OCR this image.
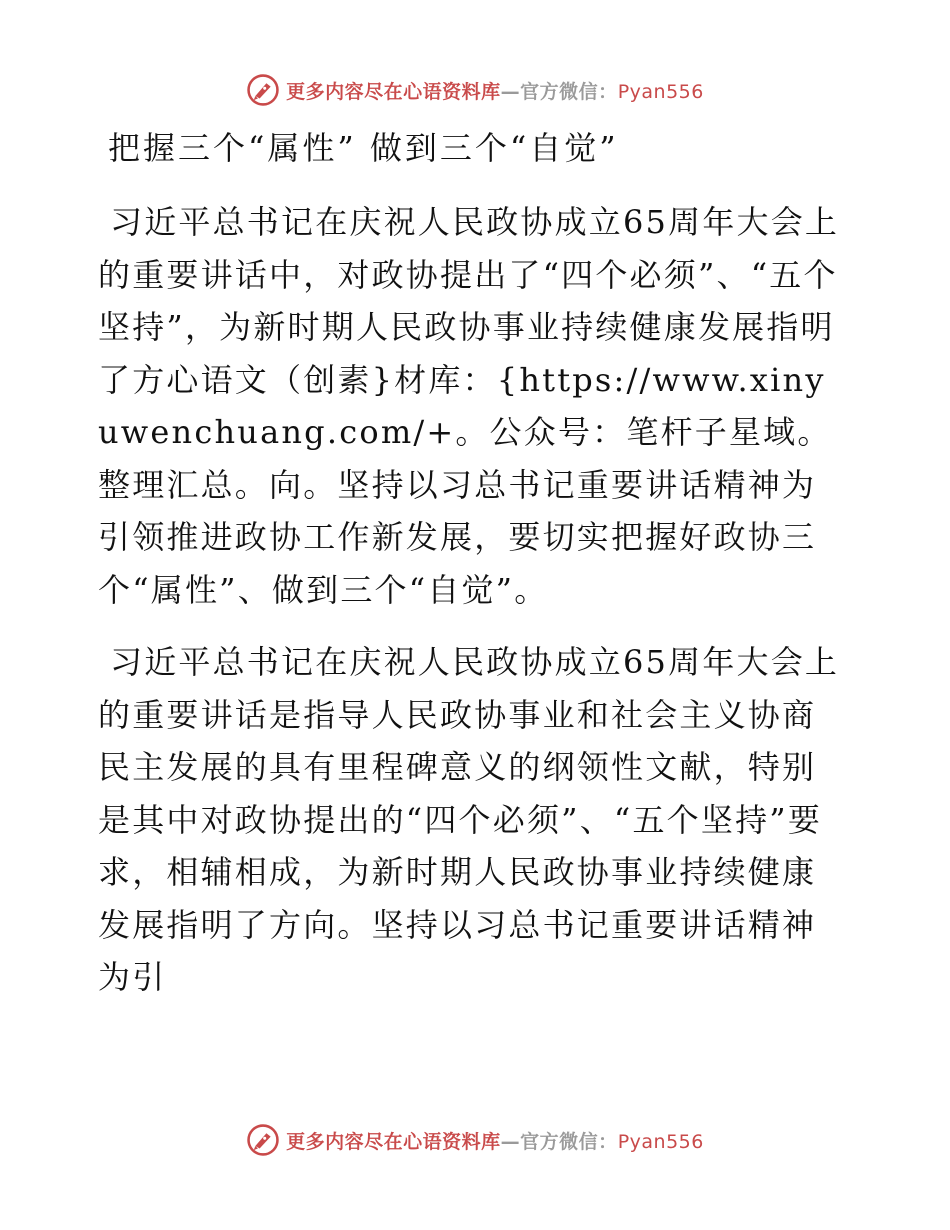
更多内容尽在心语资料库—官方微信：Pyan556
把握三个“属性” 做到三个“自觉”

习近平总书记在庆祝人民政协成立65周年大会上的重要讲话中，对政协提出了“四个必须”、“五个坚持”，为新时期人民政协事业持续健康发展指明了方心语文（创素}材库：{https://www.xinyuwenchuang.com/+。公众号：笔杆子星域。整理汇总。向。坚持以习总书记重要讲话精神为引领推进政协工作新发展，要切实把握好政协三个“属性”、做到三个“自觉”。

习近平总书记在庆祝人民政协成立65周年大会上的重要讲话是指导人民政协事业和社会主义协商民主发展的具有里程碑意义的纲领性文献，特别是其中对政协提出的“四个必须”、“五个坚持”要求，相辅相成，为新时期人民政协事业持续健康发展指明了方向。坚持以习总书记重要讲话精神为引

更多内容尽在心语资料库—官方微信：Pyan556
